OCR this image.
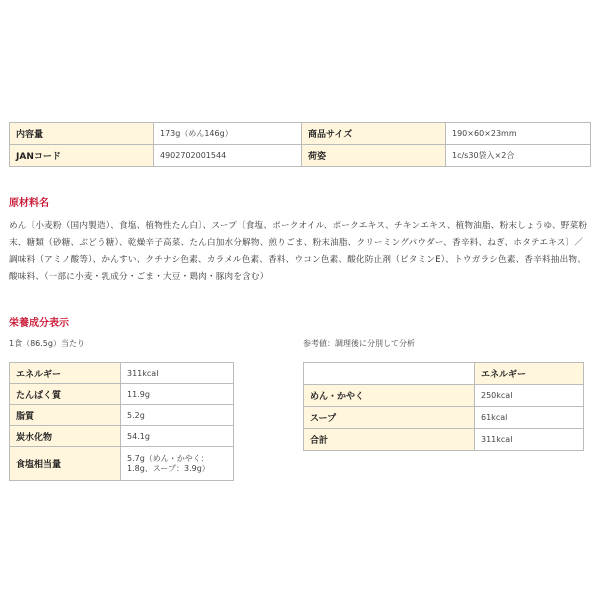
内容量	173g（めん146g）	商品サイズ	190×60×23mm
JANコード	4902702001544	荷姿	1c/s30袋入×2合
原材料名
めん〔小麦粉（国内製造）、食塩、植物性たん白〕、スープ〔食塩、ポークオイル、ポークエキス、チキンエキス、植物油脂、粉末しょうゆ、野菜粉末、糖類（砂糖、ぶどう糖）、乾燥辛子高菜、たん白加水分解物、煎りごま、粉末油脂、クリーミングパウダー、香辛料、ねぎ、ホタテエキス〕／調味料（アミノ酸等）、かんすい、クチナシ色素、カラメル色素、香料、ウコン色素、酸化防止剤（ビタミンE）、トウガラシ色素、香辛料抽出物、酸味料、（一部に小麦・乳成分・ごま・大豆・鶏肉・豚肉を含む）
栄養成分表示
1食（86.5g）当たり	参考値：調理後に分別して分析
エネルギー	311kcal
たんぱく質	11.9g
脂質	5.2g
炭水化物	54.1g
食塩相当量	5.7g（めん・かやく：
1.8g、スープ：3.9g）
	エネルギー
めん・かやく	250kcal
スープ	61kcal
合計	311kcal
